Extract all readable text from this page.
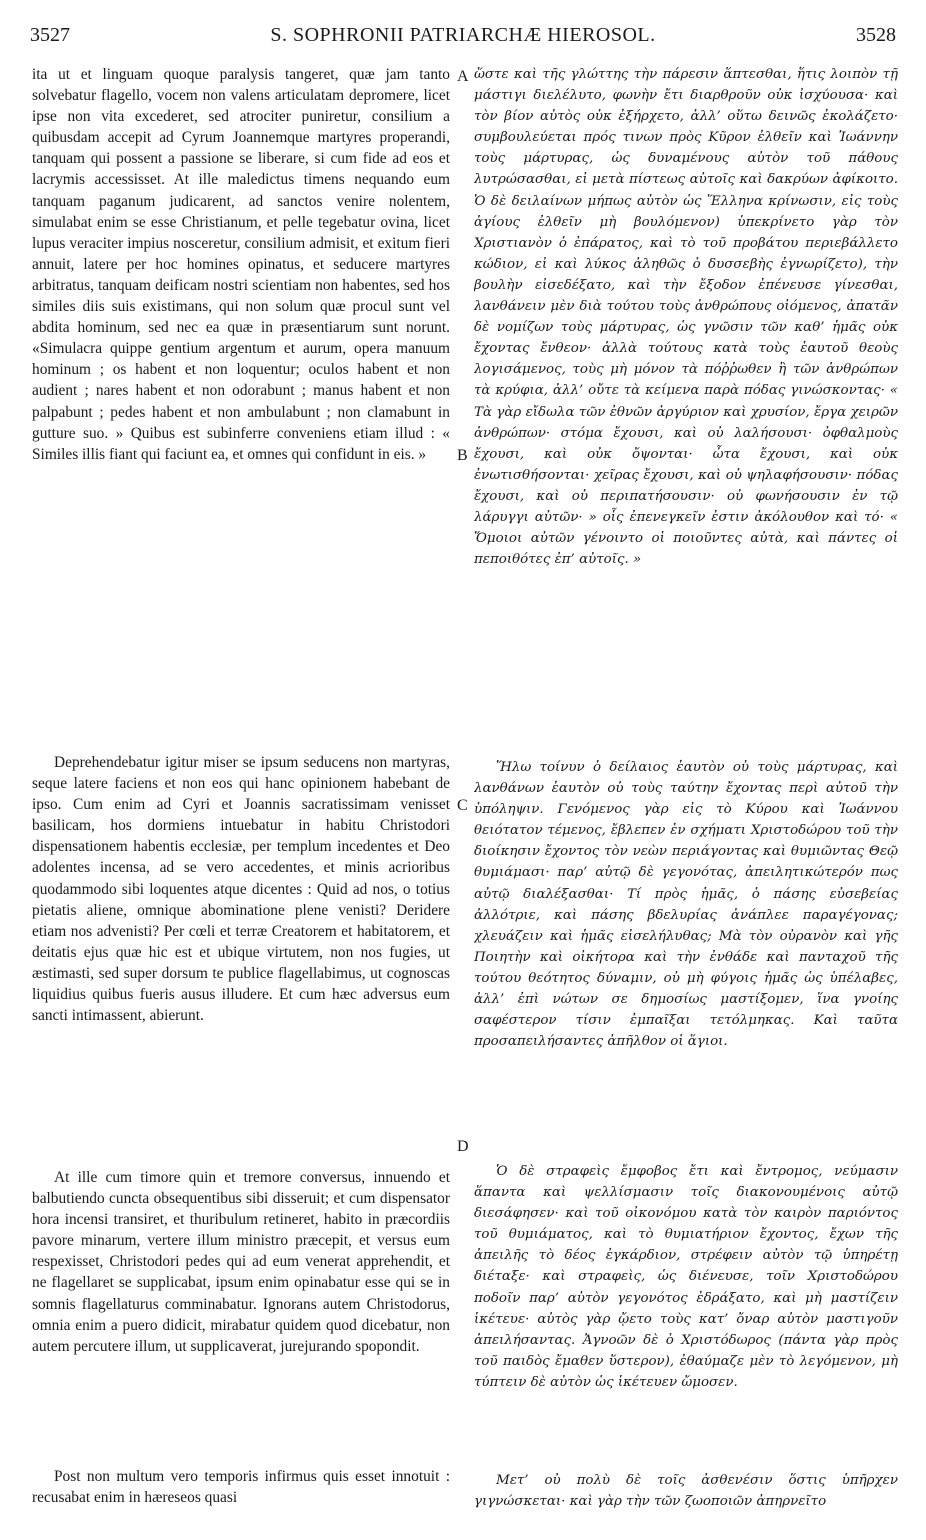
3527	S. SOPHRONII PATRIARCHÆ HIEROSOL.	3528
A
B
C
D
ita ut et linguam quoque paralysis tangeret, quæ jam tanto solvebatur flagello, vocem non valens articulatam depromere, licet ipse non vita excederet, sed atrociter puniretur, consilium a quibusdam accepit ad Cyrum Joannemque martyres properandi, tanquam qui possent a passione se liberare, si cum fide ad eos et lacrymis accessisset. At ille maledictus timens nequando eum tanquam paganum judicarent, ad sanctos venire nolentem, simulabat enim se esse Christianum, et pelle tegebatur ovina, licet lupus veraciter impius nosceretur, consilium admisit, et exitum fieri annuit, latere per hoc homines opinatus, et seducere martyres arbitratus, tanquam deificam nostri scientiam non habentes, sed hos similes diis suis existimans, qui non solum quæ procul sunt vel abdita hominum, sed nec ea quæ in præsentiarum sunt norunt. «Simulacra quippe gentium argentum et aurum, opera manuum hominum ; os habent et non loquentur; oculos habent et non audient ; nares habent et non odorabunt ; manus habent et non palpabunt ; pedes habent et non ambulabunt ; non clamabunt in gutture suo. » Quibus est subinferre conveniens etiam illud : « Similes illis fiant qui faciunt ea, et omnes qui confidunt in eis. »
Deprehendebatur igitur miser se ipsum seducens non martyras, seque latere faciens et non eos qui hanc opinionem habebant de ipso. Cum enim ad Cyri et Joannis sacratissimam venisset basilicam, hos dormiens intuebatur in habitu Christodori dispensationem habentis ecclesiæ, per templum incedentes et Deo adolentes incensa, ad se vero accedentes, et minis acrioribus quodammodo sibi loquentes atque dicentes : Quid ad nos, o totius pietatis aliene, omnique abominatione plene venisti? Deridere etiam nos advenisti? Per cœli et terræ Creatorem et habitatorem, et deitatis ejus quæ hic est et ubique virtutem, non nos fugies, ut æstimasti, sed super dorsum te publice flagellabimus, ut cognoscas liquidius quibus fueris ausus illudere. Et cum hæc adversus eum sancti intimassent, abierunt.
At ille cum timore quin et tremore conversus, innuendo et balbutiendo cuncta obsequentibus sibi disseruit; et cum dispensator hora incensi transiret, et thuribulum retineret, habito in præcordiis pavore minarum, vertere illum ministro præcepit, et versus eum respexisset, Christodori pedes qui ad eum venerat apprehendit, et ne flagellaret se supplicabat, ipsum enim opinabatur esse qui se in somnis flagellaturus comminabatur. Ignorans autem Christodorus, omnia enim a puero didicit, mirabatur quidem quod dicebatur, non autem percutere illum, ut supplicaverat, jurejurando spopondit.
Post non multum vero temporis infirmus quis esset innotuit : recusabat enim in hæreseos quasi
ὥστε καὶ τῆς γλώττης τὴν πάρεσιν ἅπτεσθαι, ἥτις λοιπὸν τῇ μάστιγι διελέλυτο, φωνὴν ἔτι διαρθροῦν οὐκ ἰσχύουσα· καὶ τὸν βίον αὐτὸς οὐκ ἐξήρχετο, ἀλλ’ οὕτω δεινῶς ἐκολάζετο· συμβουλεύεται πρός τινων πρὸς Κῦρον ἐλθεῖν καὶ Ἰωάννην τοὺς μάρτυρας, ὡς δυναμένους αὐτὸν τοῦ πάθους λυτρώσασθαι, εἰ μετὰ πίστεως αὐτοῖς καὶ δακρύων ἀφίκοιτο. Ὁ δὲ δειλαίνων μήπως αὐτὸν ὡς Ἕλληνα κρίνωσιν, εἰς τοὺς ἁγίους ἐλθεῖν μὴ βουλόμενον) ὑπεκρίνετο γὰρ τὸν Χριστιανὸν ὁ ἐπάρατος, καὶ τὸ τοῦ προβάτου περιεβάλλετο κώδιον, εἰ καὶ λύκος ἀληθῶς ὁ δυσσεβὴς ἐγνωρίζετο), τὴν βουλὴν εἰσεδέξατο, καὶ τὴν ἔξοδον ἐπένευσε γίνεσθαι, λανθάνειν μὲν διὰ τούτου τοὺς ἀνθρώπους οἰόμενος, ἀπατᾶν δὲ νομίζων τοὺς μάρτυρας, ὡς γνῶσιν τῶν καθ’ ἡμᾶς οὐκ ἔχοντας ἔνθεον· ἀλλὰ τούτους κατὰ τοὺς ἑαυτοῦ θεοὺς λογισάμενος, τοὺς μὴ μόνον τὰ πόῤῥωθεν ἢ τῶν ἀνθρώπων τὰ κρύφια, ἀλλ’ οὔτε τὰ κείμενα παρὰ πόδας γινώσκοντας· « Τὰ γὰρ εἴδωλα τῶν ἐθνῶν ἀργύριον καὶ χρυσίον, ἔργα χειρῶν ἀνθρώπων· στόμα ἔχουσι, καὶ οὐ λαλήσουσι· ὀφθαλμοὺς ἔχουσι, καὶ οὐκ ὄψονται· ὦτα ἔχουσι, καὶ οὐκ ἐνωτισθήσονται· χεῖρας ἔχουσι, καὶ οὐ ψηλαφήσουσιν· πόδας ἔχουσι, καὶ οὐ περιπατήσουσιν· οὐ φωνήσουσιν ἐν τῷ λάρυγγι αὐτῶν· » οἷς ἐπενεγκεῖν ἐστιν ἀκόλουθον καὶ τό· « Ὅμοιοι αὐτῶν γένοιντο οἱ ποιοῦντες αὐτὰ, καὶ πάντες οἱ πεποιθότες ἐπ’ αὐτοῖς. »
Ἥλω τοίνυν ὁ δείλαιος ἑαυτὸν οὐ τοὺς μάρτυρας, καὶ λανθάνων ἑαυτὸν οὐ τοὺς ταύτην ἔχοντας περὶ αὐτοῦ τὴν ὑπόληψιν. Γενόμενος γὰρ εἰς τὸ Κύρου καὶ Ἰωάννου θειότατον τέμενος, ἔβλεπεν ἐν σχήματι Χριστοδώρου τοῦ τὴν διοίκησιν ἔχοντος τὸν νεὼν περιάγοντας καὶ θυμιῶντας Θεῷ θυμιάμασι· παρ’ αὐτῷ δὲ γεγονότας, ἀπειλητικώτερόν πως αὐτῷ διαλέξασθαι· Τί πρὸς ἡμᾶς, ὁ πάσης εὐσεβείας ἀλλότριε, καὶ πάσης βδελυρίας ἀνάπλεε παραγέγονας; χλευάζειν καὶ ἡμᾶς εἰσελήλυθας; Μὰ τὸν οὐρανὸν καὶ γῆς Ποιητὴν καὶ οἰκήτορα καὶ τὴν ἐνθάδε καὶ πανταχοῦ τῆς τούτου θεότητος δύναμιν, οὐ μὴ φύγοις ἡμᾶς ὡς ὑπέλαβες, ἀλλ’ ἐπὶ νώτων σε δημοσίως μαστίξομεν, ἵνα γνοίης σαφέστερον τίσιν ἐμπαῖξαι τετόλμηκας. Καὶ ταῦτα προσαπειλήσαντες ἀπῆλθον οἱ ἅγιοι.
Ὁ δὲ στραφεὶς ἔμφοβος ἔτι καὶ ἔντρομος, νεύμασιν ἅπαντα καὶ ψελλίσμασιν τοῖς διακονουμένοις αὐτῷ διεσάφησεν· καὶ τοῦ οἰκονόμου κατὰ τὸν καιρὸν παριόντος τοῦ θυμιάματος, καὶ τὸ θυμιατήριον ἔχοντος, ἔχων τῆς ἀπειλῆς τὸ δέος ἐγκάρδιον, στρέφειν αὐτὸν τῷ ὑπηρέτῃ διέταξε· καὶ στραφεὶς, ὡς διένευσε, τοῖν Χριστοδώρου ποδοῖν παρ’ αὐτὸν γεγονότος ἐδράξατο, καὶ μὴ μαστίζειν ἱκέτευε· αὐτὸς γὰρ ᾤετο τοὺς κατ’ ὄναρ αὐτὸν μαστιγοῦν ἀπειλήσαντας. Ἀγνοῶν δὲ ὁ Χριστόδωρος (πάντα γὰρ πρὸς τοῦ παιδὸς ἔμαθεν ὕστερον), ἐθαύμαζε μὲν τὸ λεγόμενον, μὴ τύπτειν δὲ αὐτὸν ὡς ἱκέτευεν ὤμοσεν.
Μετ’ οὐ πολὺ δὲ τοῖς ἀσθενέσιν ὅστις ὑπῆρχεν γιγνώσκεται· καὶ γὰρ τὴν τῶν ζωοποιῶν ἀπηρνεῖτο
